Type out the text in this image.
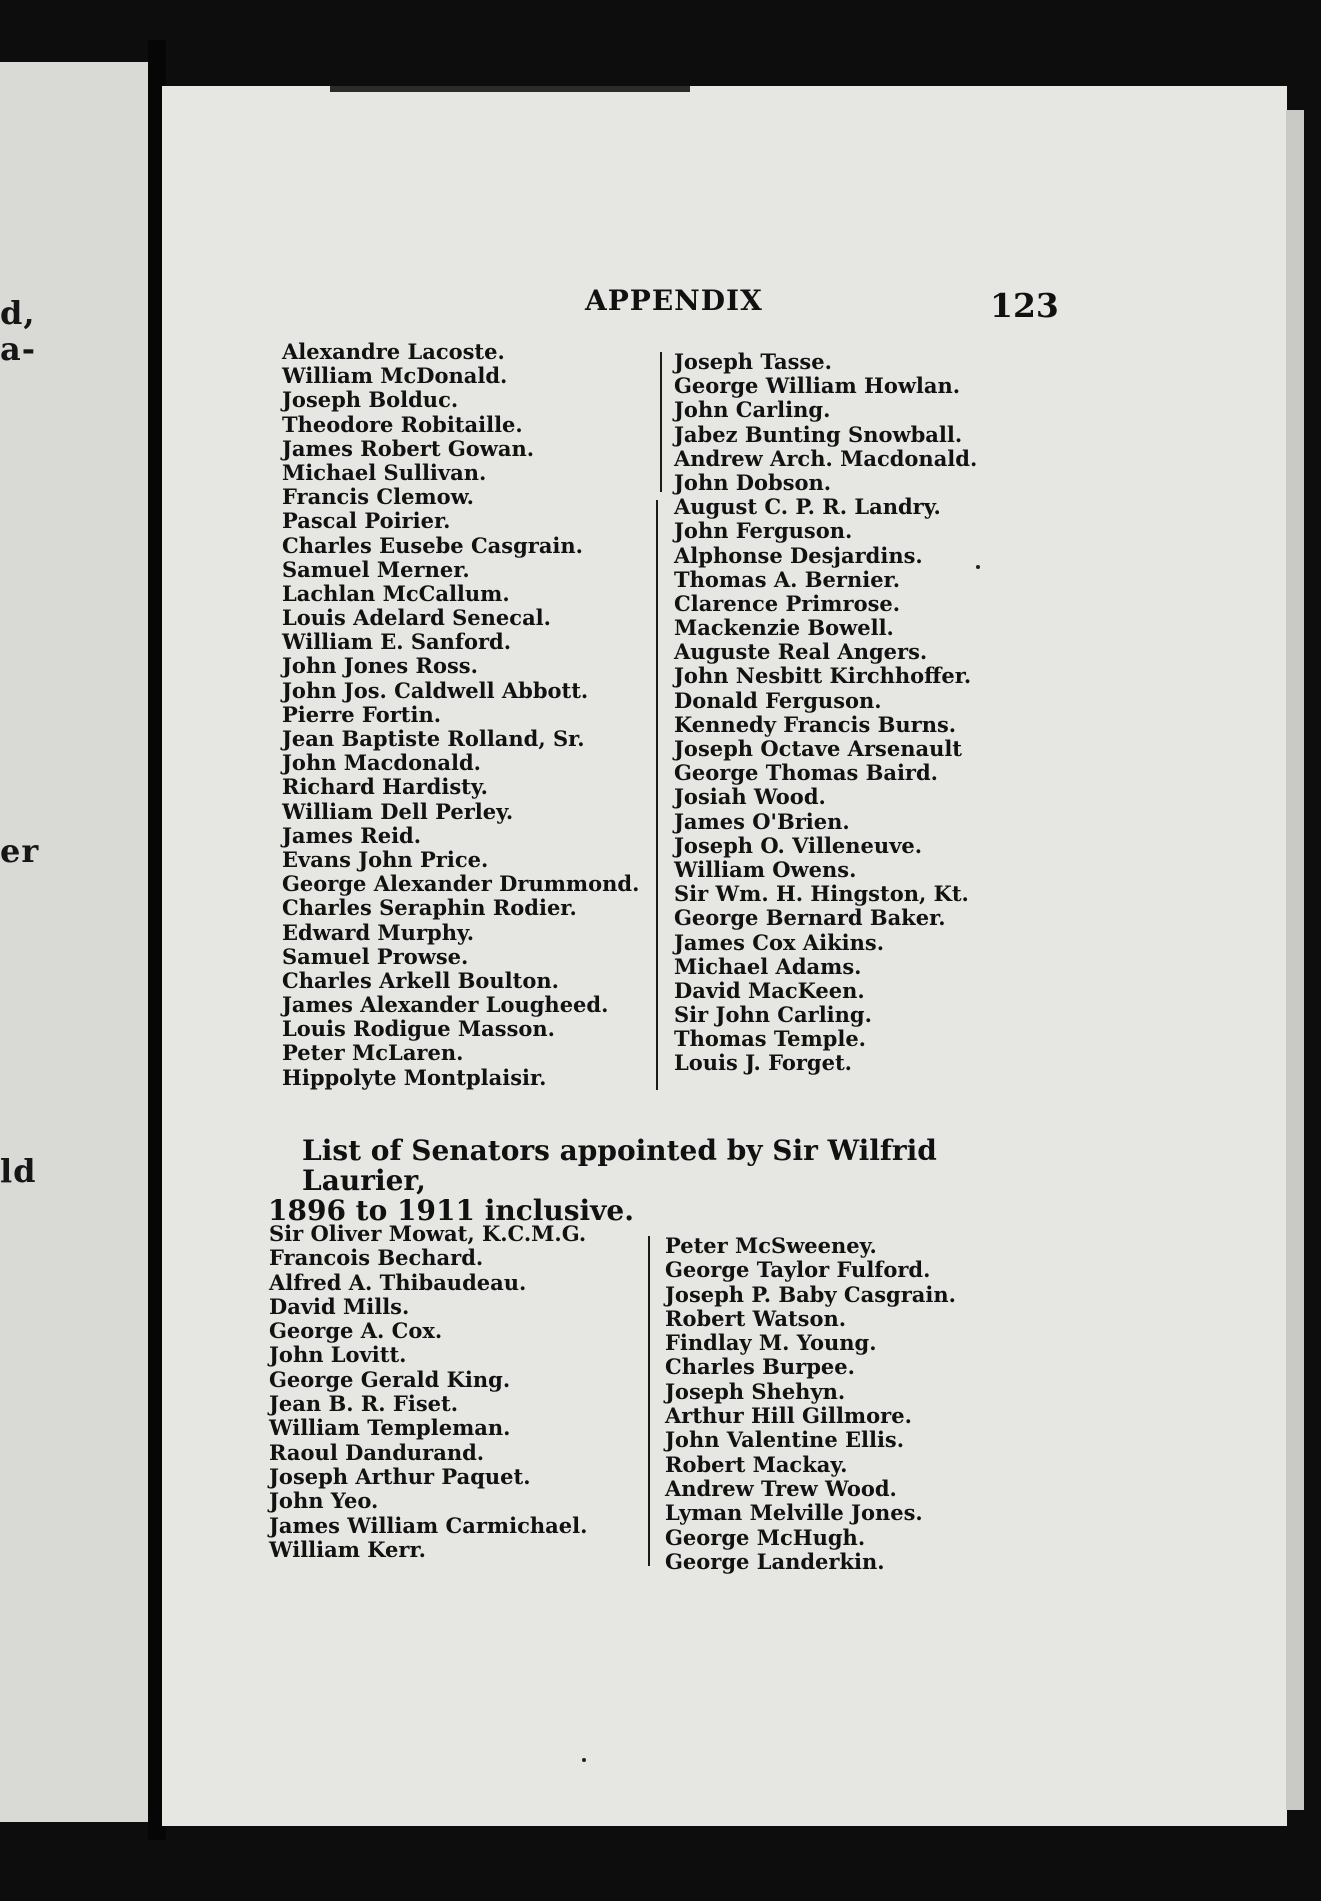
d,
a-
er
ld
APPENDIX	123
Alexandre Lacoste.
William McDonald.
Joseph Bolduc.
Theodore Robitaille.
James Robert Gowan.
Michael Sullivan.
Francis Clemow.
Pascal Poirier.
Charles Eusebe Casgrain.
Samuel Merner.
Lachlan McCallum.
Louis Adelard Senecal.
William E. Sanford.
John Jones Ross.
John Jos. Caldwell Abbott.
Pierre Fortin.
Jean Baptiste Rolland, Sr.
John Macdonald.
Richard Hardisty.
William Dell Perley.
James Reid.
Evans John Price.
George Alexander Drummond.
Charles Seraphin Rodier.
Edward Murphy.
Samuel Prowse.
Charles Arkell Boulton.
James Alexander Lougheed.
Louis Rodigue Masson.
Peter McLaren.
Hippolyte Montplaisir.
Joseph Tasse.
George William Howlan.
John Carling.
Jabez Bunting Snowball.
Andrew Arch. Macdonald.
John Dobson.
August C. P. R. Landry.
John Ferguson.
Alphonse Desjardins.
Thomas A. Bernier.
Clarence Primrose.
Mackenzie Bowell.
Auguste Real Angers.
John Nesbitt Kirchhoffer.
Donald Ferguson.
Kennedy Francis Burns.
Joseph Octave Arsenault
George Thomas Baird.
Josiah Wood.
James O'Brien.
Joseph O. Villeneuve.
William Owens.
Sir Wm. H. Hingston, Kt.
George Bernard Baker.
James Cox Aikins.
Michael Adams.
David MacKeen.
Sir John Carling.
Thomas Temple.
Louis J. Forget.
List of Senators appointed by Sir Wilfrid Laurier,
1896 to 1911 inclusive.
Sir Oliver Mowat, K.C.M.G.
Francois Bechard.
Alfred A. Thibaudeau.
David Mills.
George A. Cox.
John Lovitt.
George Gerald King.
Jean B. R. Fiset.
William Templeman.
Raoul Dandurand.
Joseph Arthur Paquet.
John Yeo.
James William Carmichael.
William Kerr.
Peter McSweeney.
George Taylor Fulford.
Joseph P. Baby Casgrain.
Robert Watson.
Findlay M. Young.
Charles Burpee.
Joseph Shehyn.
Arthur Hill Gillmore.
John Valentine Ellis.
Robert Mackay.
Andrew Trew Wood.
Lyman Melville Jones.
George McHugh.
George Landerkin.
